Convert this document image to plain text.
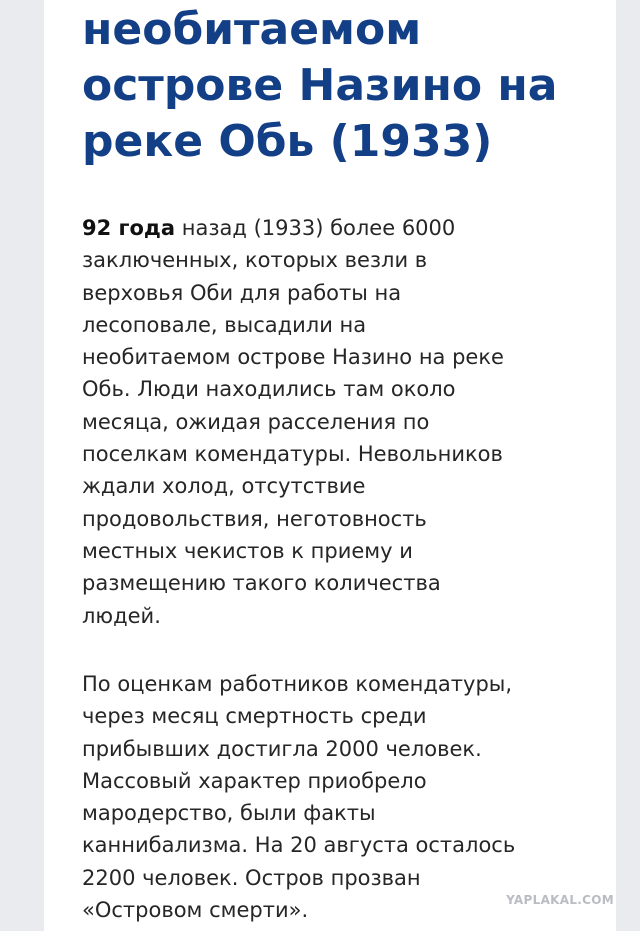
необитаемом
острове Назино на
реке Обь (1933)
92 года назад (1933) более 6000
заключенных, которых везли в
верховья Оби для работы на
лесоповале, высадили на
необитаемом острове Назино на реке
Обь. Люди находились там около
месяца, ожидая расселения по
поселкам комендатуры. Невольников
ждали холод, отсутствие
продовольствия, неготовность
местных чекистов к приему и
размещению такого количества
людей.
По оценкам работников комендатуры,
через месяц смертность среди
прибывших достигла 2000 человек.
Массовый характер приобрело
мародерство, были факты
каннибализма. На 20 августа осталось
2200 человек. Остров прозван
«Островом смерти».	YAPLAKAL.COM
